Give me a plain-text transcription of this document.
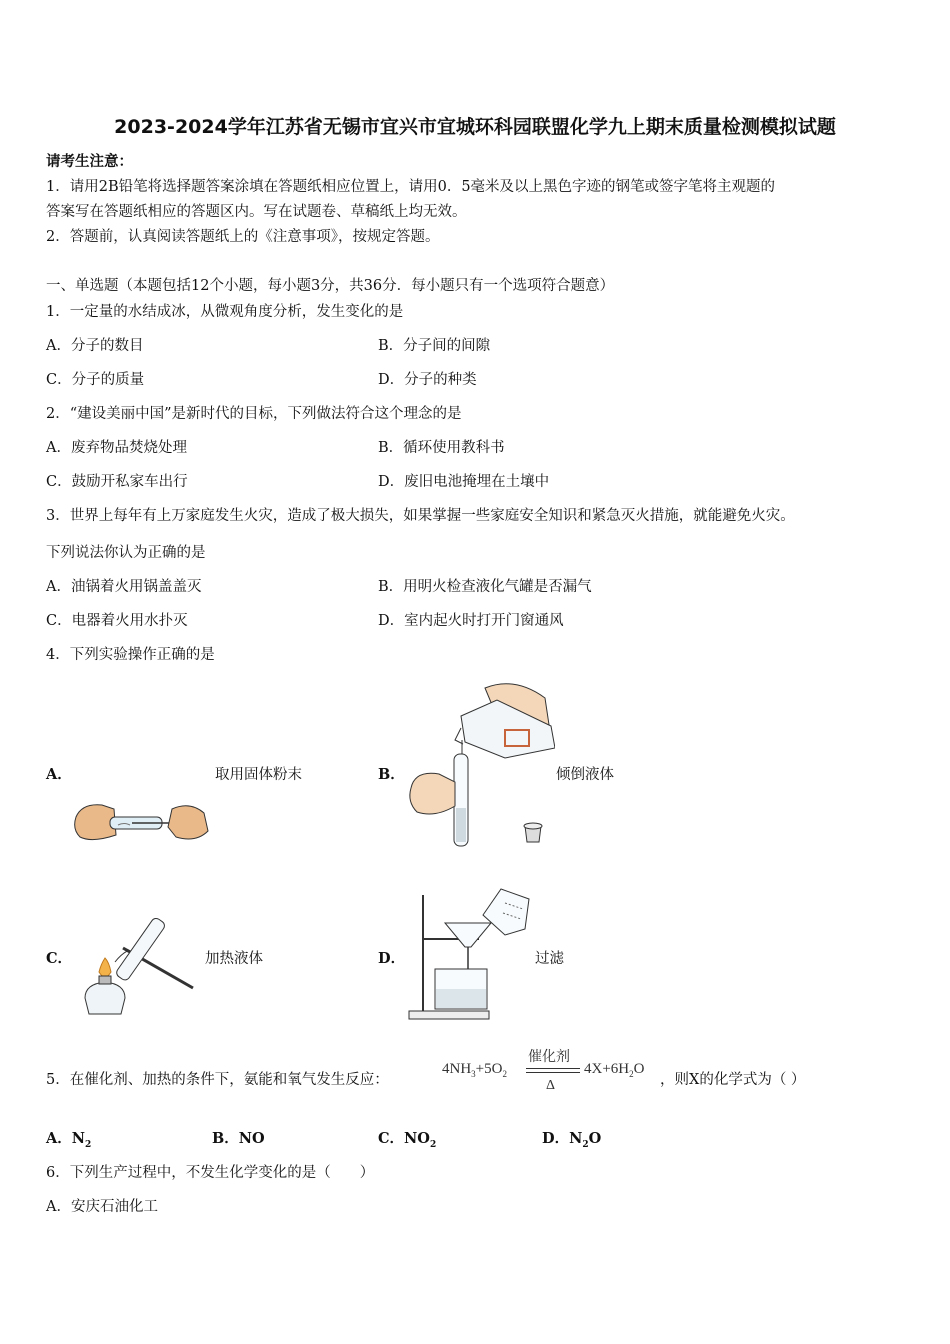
2023-2024学年江苏省无锡市宜兴市宜城环科园联盟化学九上期末质量检测模拟试题
请考生注意：
1．请用2B铅笔将选择题答案涂填在答题纸相应位置上，请用0．5毫米及以上黑色字迹的钢笔或签字笔将主观题的
答案写在答题纸相应的答题区内。写在试题卷、草稿纸上均无效。
2．答题前，认真阅读答题纸上的《注意事项》，按规定答题。
一、单选题（本题包括12个小题，每小题3分，共36分．每小题只有一个选项符合题意）
1．一定量的水结成冰，从微观角度分析，发生变化的是
A．分子的数目	B．分子间的间隙
C．分子的质量	D．分子的种类
2．“建设美丽中国”是新时代的目标，下列做法符合这个理念的是
A．废弃物品焚烧处理	B．循环使用教科书
C．鼓励开私家车出行	D．废旧电池掩埋在土壤中
3．世界上每年有上万家庭发生火灾，造成了极大损失，如果掌握一些家庭安全知识和紧急灭火措施，就能避免火灾。
下列说法你认为正确的是
A．油锅着火用锅盖盖灭	B．用明火检查液化气罐是否漏气
C．电器着火用水扑灭	D．室内起火时打开门窗通风
4．下列实验操作正确的是
A．	取用固体粉末	B．	倾倒液体
C．	加热液体	D．	过滤
5．在催化剂、加热的条件下，氨能和氧气发生反应：
$4NH_3+5O_2$
催化剂
Δ
$4X+6H_2O$
，则X的化学式为（ ）
A．$N_2$	B．NO	C．$NO_2$	D．$N_2O$
6．下列生产过程中，不发生化学变化的是（　　）
A．安庆石油化工
